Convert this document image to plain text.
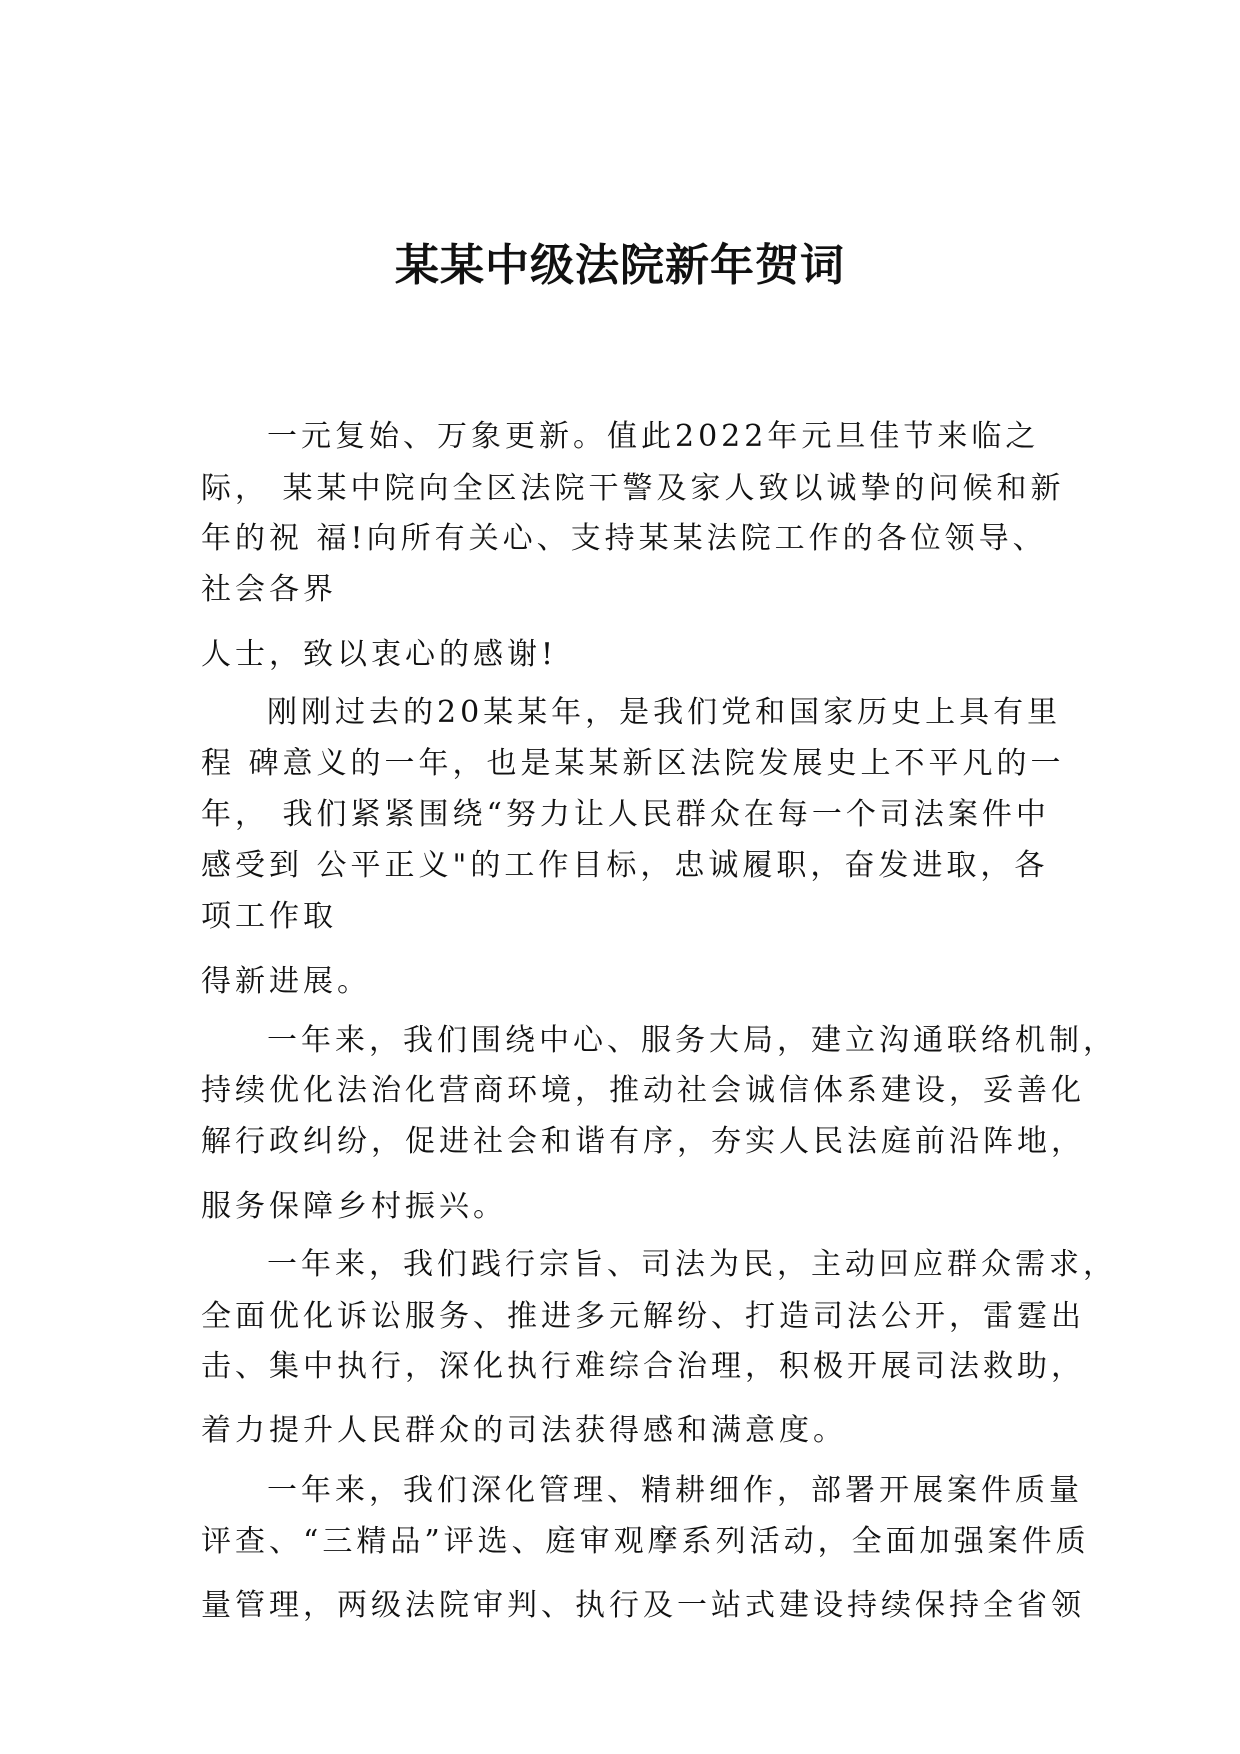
某某中级法院新年贺词
一元复始、万象更新。值此2022年元旦佳节来临之
际， 某某中院向全区法院干警及家人致以诚挚的问候和新
年的祝 福!向所有关心、支持某某法院工作的各位领导、
社会各界
人士，致以衷心的感谢!
刚刚过去的20某某年，是我们党和国家历史上具有里
程 碑意义的一年，也是某某新区法院发展史上不平凡的一
年， 我们紧紧围绕“努力让人民群众在每一个司法案件中
感受到 公平正义"的工作目标，忠诚履职，奋发进取，各
项工作取
得新进展。
一年来，我们围绕中心、服务大局，建立沟通联络机制，
持续优化法治化营商环境，推动社会诚信体系建设，妥善化
解行政纠纷，促进社会和谐有序，夯实人民法庭前沿阵地，
服务保障乡村振兴。
一年来，我们践行宗旨、司法为民，主动回应群众需求，
全面优化诉讼服务、推进多元解纷、打造司法公开，雷霆出
击、集中执行，深化执行难综合治理，积极开展司法救助，
着力提升人民群众的司法获得感和满意度。
一年来，我们深化管理、精耕细作，部署开展案件质量
评查、“三精品”评选、庭审观摩系列活动，全面加强案件质
量管理，两级法院审判、执行及一站式建设持续保持全省领
